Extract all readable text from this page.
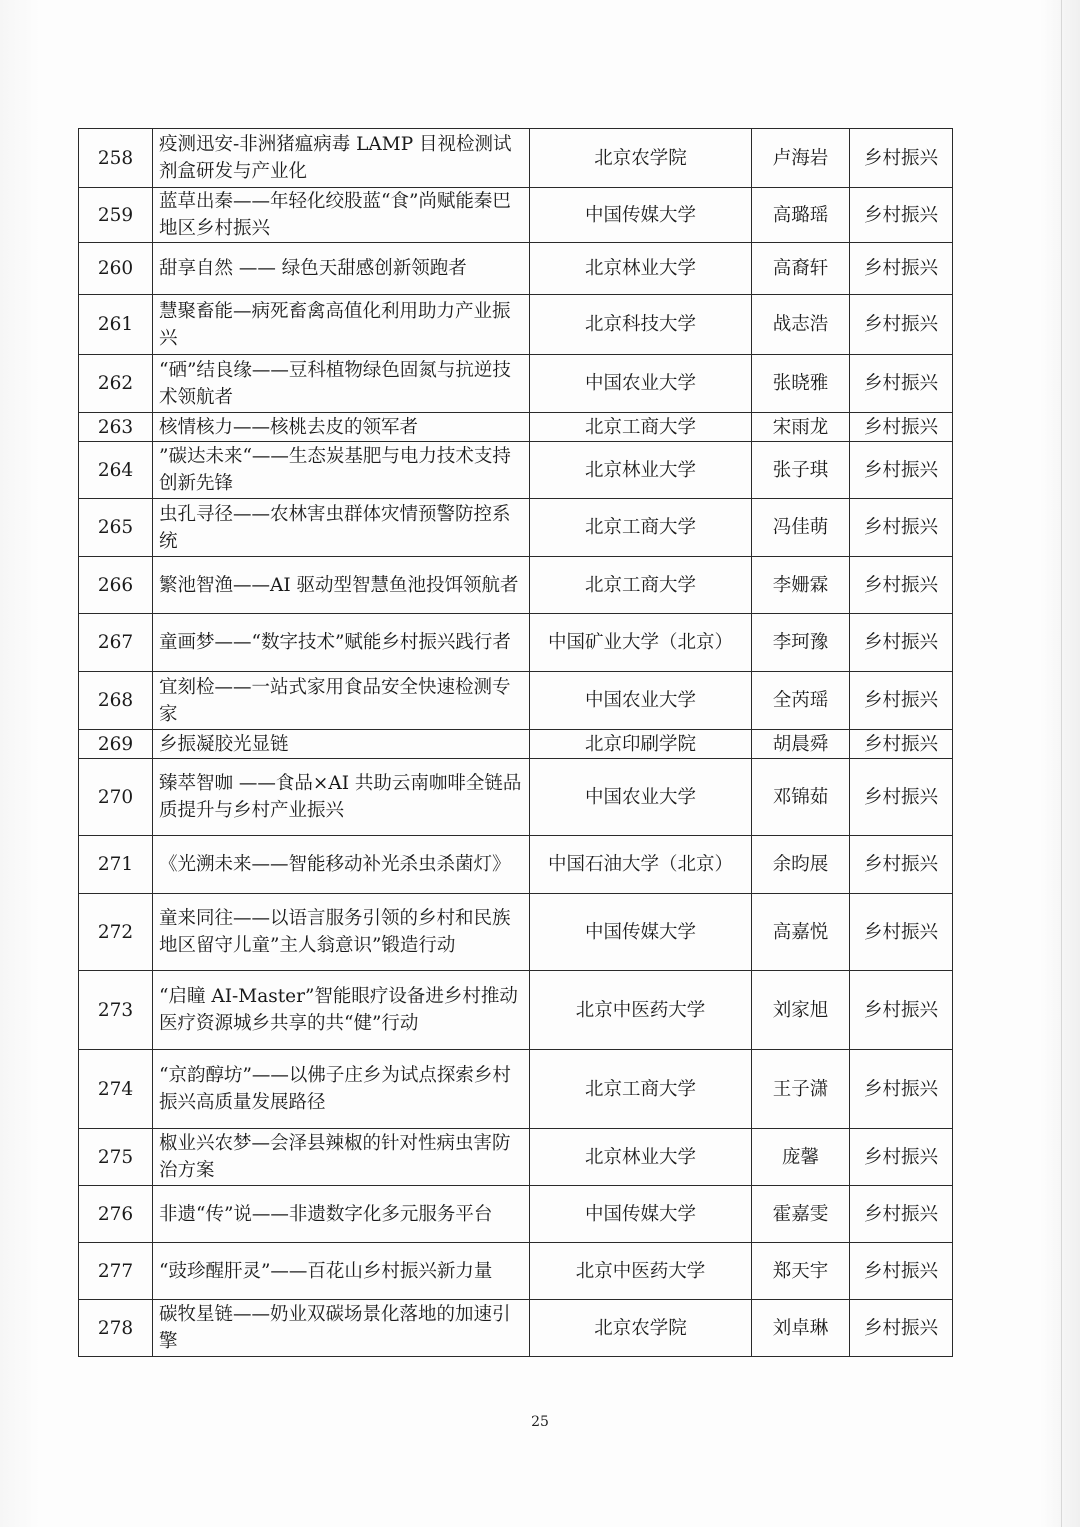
258	疫测迅安-非洲猪瘟病毒 LAMP 目视检测试剂盒研发与产业化	北京农学院	卢海岩	乡村振兴
259	蓝草出秦——年轻化绞股蓝“食”尚赋能秦巴地区乡村振兴	中国传媒大学	高璐瑶	乡村振兴
260	甜享自然 —— 绿色天甜感创新领跑者	北京林业大学	高裔轩	乡村振兴
261	慧聚畜能—病死畜禽高值化利用助力产业振兴	北京科技大学	战志浩	乡村振兴
262	“硒”结良缘——豆科植物绿色固氮与抗逆技术领航者	中国农业大学	张晓雅	乡村振兴
263	核情核力——核桃去皮的领军者	北京工商大学	宋雨龙	乡村振兴
264	”碳达未来“——生态炭基肥与电力技术支持创新先锋	北京林业大学	张子琪	乡村振兴
265	虫孔寻径——农林害虫群体灾情预警防控系统	北京工商大学	冯佳萌	乡村振兴
266	繁池智渔——AI 驱动型智慧鱼池投饵领航者	北京工商大学	李姗霖	乡村振兴
267	童画梦——“数字技术”赋能乡村振兴践行者	中国矿业大学（北京）	李珂豫	乡村振兴
268	宜刻检——一站式家用食品安全快速检测专家	中国农业大学	全芮瑶	乡村振兴
269	乡振凝胶光显链	北京印刷学院	胡晨舜	乡村振兴
270	臻萃智咖 ——食品×AI 共助云南咖啡全链品质提升与乡村产业振兴	中国农业大学	邓锦茹	乡村振兴
271	《光溯未来——智能移动补光杀虫杀菌灯》	中国石油大学（北京）	余昀展	乡村振兴
272	童来同往——以语言服务引领的乡村和民族地区留守儿童”主人翁意识”锻造行动	中国传媒大学	高嘉悦	乡村振兴
273	“启瞳 AI-Master”智能眼疗设备进乡村推动医疗资源城乡共享的共“健”行动	北京中医药大学	刘家旭	乡村振兴
274	“京韵醇坊”——以佛子庄乡为试点探索乡村振兴高质量发展路径	北京工商大学	王子潇	乡村振兴
275	椒业兴农梦—会泽县辣椒的针对性病虫害防治方案	北京林业大学	庞馨	乡村振兴
276	非遗“传”说——非遗数字化多元服务平台	中国传媒大学	霍嘉雯	乡村振兴
277	“豉珍醒肝灵”——百花山乡村振兴新力量	北京中医药大学	郑天宇	乡村振兴
278	碳牧星链——奶业双碳场景化落地的加速引擎	北京农学院	刘卓琳	乡村振兴
25
